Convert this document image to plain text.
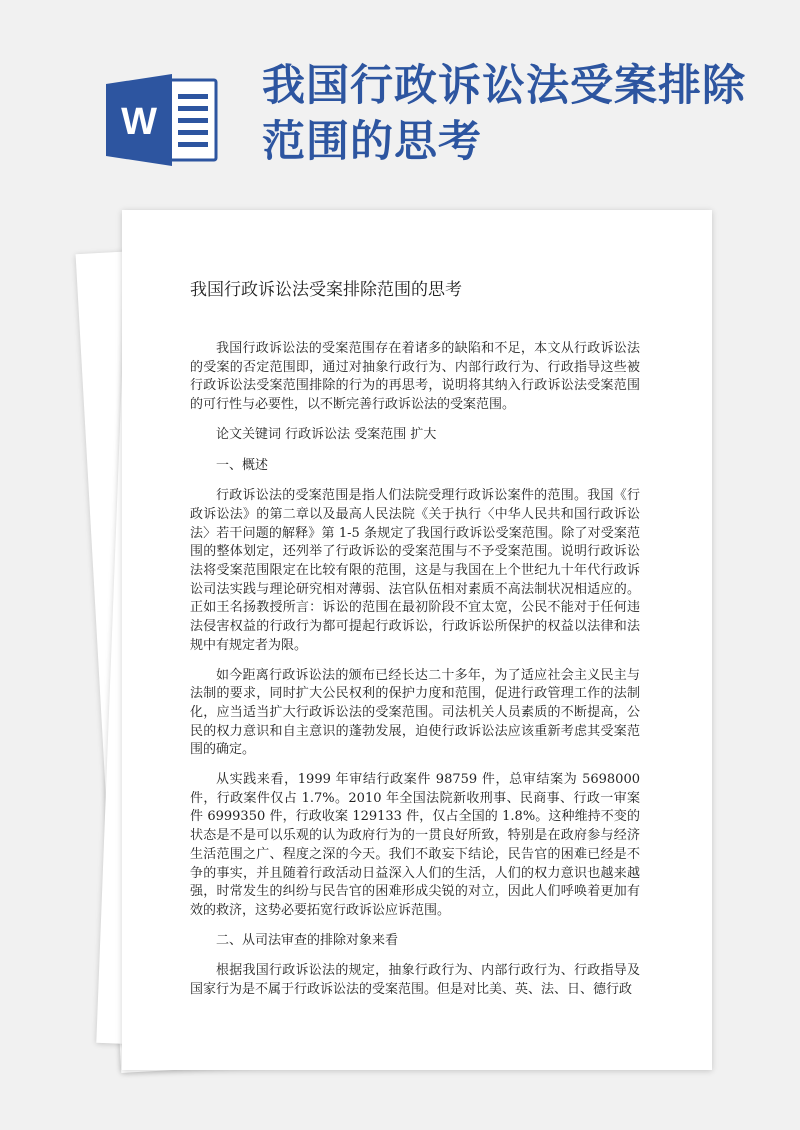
W
我国行政诉讼法受案排除范围的思考
我国行政诉讼法受案排除范围的思考

我国行政诉讼法的受案范围存在着诸多的缺陷和不足，本文从行政诉讼法的受案的否定范围即，通过对抽象行政行为、内部行政行为、行政指导这些被行政诉讼法受案范围排除的行为的再思考，说明将其纳入行政诉讼法受案范围的可行性与必要性，以不断完善行政诉讼法的受案范围。

论文关键词 行政诉讼法 受案范围 扩大

一、概述

行政诉讼法的受案范围是指人们法院受理行政诉讼案件的范围。我国《行政诉讼法》的第二章以及最高人民法院《关于执行〈中华人民共和国行政诉讼法〉若干问题的解释》第 1-5 条规定了我国行政诉讼受案范围。除了对受案范围的整体划定，还列举了行政诉讼的受案范围与不予受案范围。说明行政诉讼法将受案范围限定在比较有限的范围，这是与我国在上个世纪九十年代行政诉讼司法实践与理论研究相对薄弱、法官队伍相对素质不高法制状况相适应的。正如王名扬教授所言：诉讼的范围在最初阶段不宜太宽，公民不能对于任何违法侵害权益的行政行为都可提起行政诉讼，行政诉讼所保护的权益以法律和法规中有规定者为限。

如今距离行政诉讼法的颁布已经长达二十多年，为了适应社会主义民主与法制的要求，同时扩大公民权利的保护力度和范围，促进行政管理工作的法制化，应当适当扩大行政诉讼法的受案范围。司法机关人员素质的不断提高，公民的权力意识和自主意识的蓬勃发展，迫使行政诉讼法应该重新考虑其受案范围的确定。

从实践来看，1999 年审结行政案件 98759 件，总审结案为 5698000 件，行政案件仅占 1.7%。2010 年全国法院新收刑事、民商事、行政一审案件 6999350 件，行政收案 129133 件，仅占全国的 1.8%。这种维持不变的状态是不是可以乐观的认为政府行为的一贯良好所致，特别是在政府参与经济生活范围之广、程度之深的今天。我们不敢妄下结论，民告官的困难已经是不争的事实，并且随着行政活动日益深入人们的生活，人们的权力意识也越来越强，时常发生的纠纷与民告官的困难形成尖锐的对立，因此人们呼唤着更加有效的救济，这势必要拓宽行政诉讼应诉范围。

二、从司法审查的排除对象来看

根据我国行政诉讼法的规定，抽象行政行为、内部行政行为、行政指导及国家行为是不属于行政诉讼法的受案范围。但是对比美、英、法、日、德行政
